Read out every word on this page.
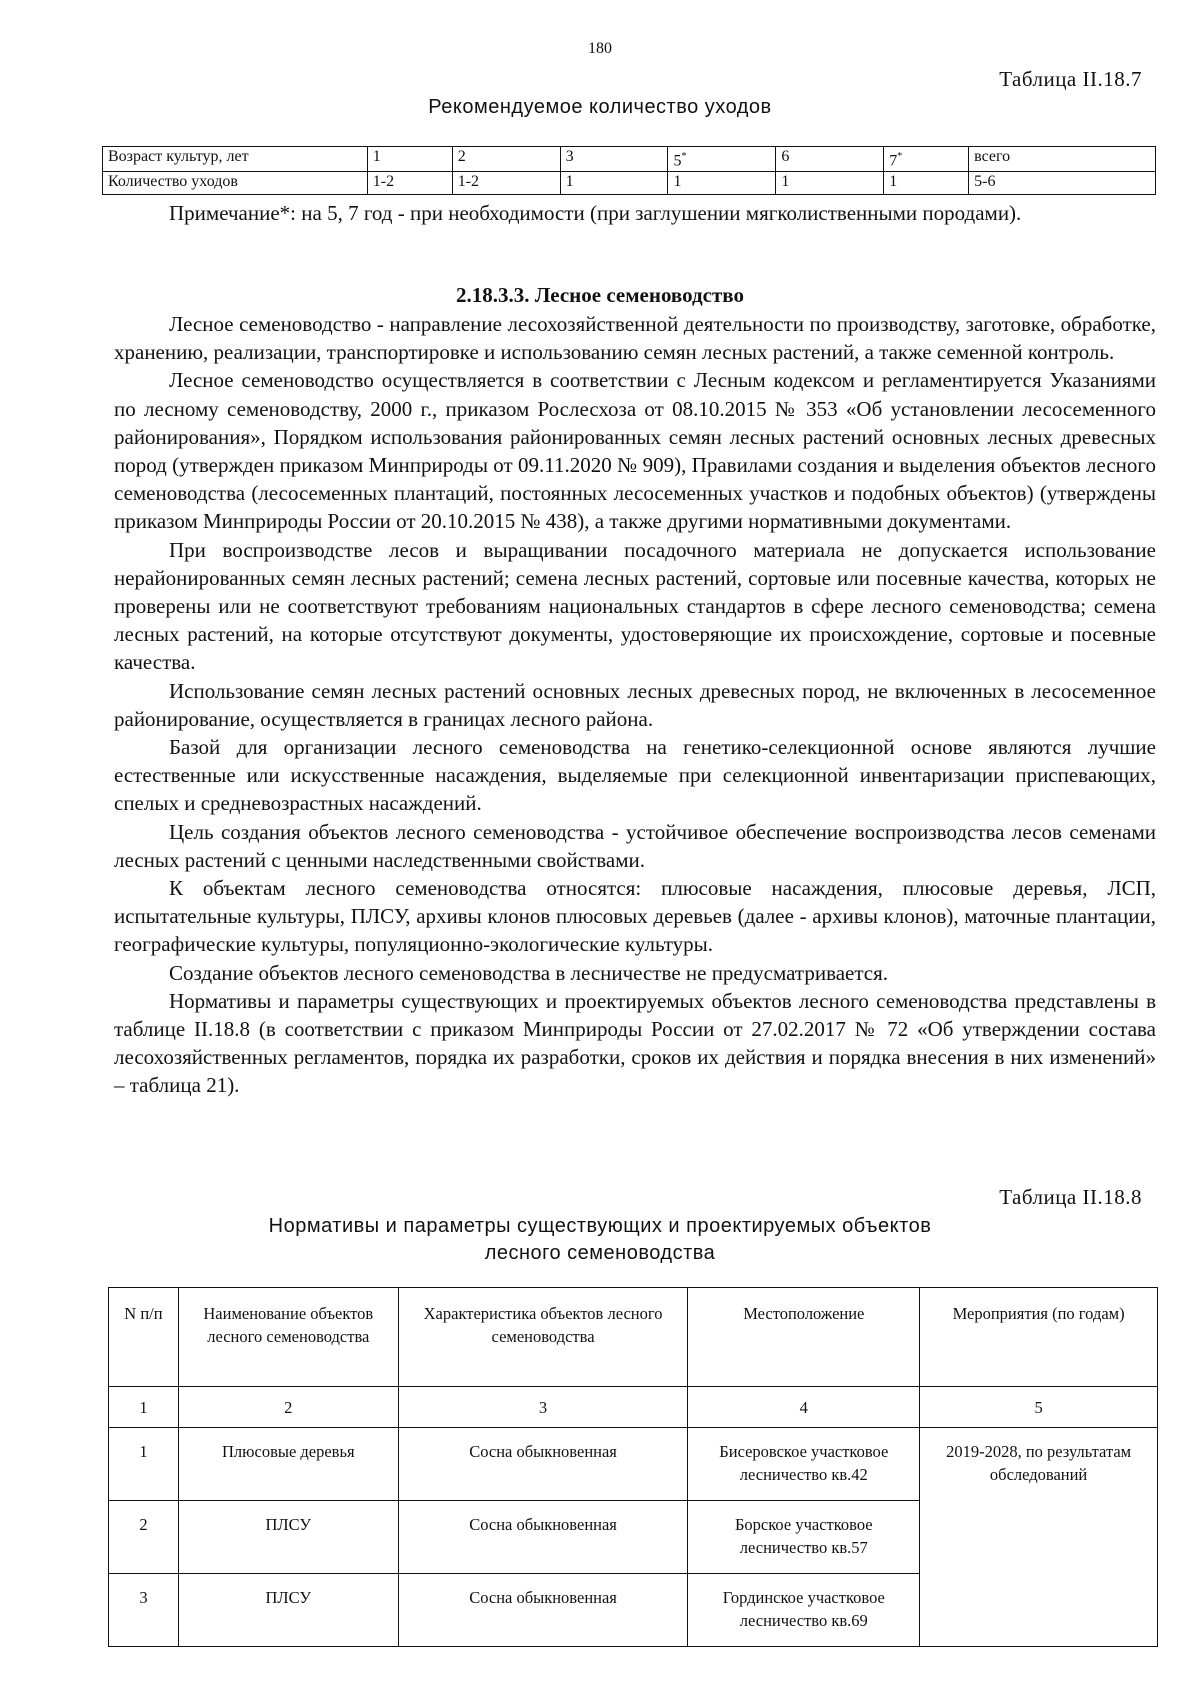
180
Таблица II.18.7
Рекомендуемое количество уходов
Возраст культур, лет	1	2	3	5*	6	7*	всего
Количество уходов	1-2	1-2	1	1	1	1	5-6

Примечание*: на 5, 7 год - при необходимости (при заглушении мягколиственными породами).

2.18.3.3. Лесное семеноводство

Лесное семеноводство - направление лесохозяйственной деятельности по производству, заготовке, обработке, хранению, реализации, транспортировке и использованию семян лесных растений, а также семенной контроль.

Лесное семеноводство осуществляется в соответствии с Лесным кодексом и регламентируется Указаниями по лесному семеноводству, 2000 г., приказом Рослесхоза от 08.10.2015 № 353 «Об установлении лесосеменного районирования», Порядком использования районированных семян лесных растений основных лесных древесных пород (утвержден приказом Минприроды от 09.11.2020 № 909), Правилами создания и выделения объектов лесного семеноводства (лесосеменных плантаций, постоянных лесосеменных участков и подобных объектов) (утверждены приказом Минприроды России от 20.10.2015 № 438), а также другими нормативными документами.

При воспроизводстве лесов и выращивании посадочного материала не допускается использование нерайонированных семян лесных растений; семена лесных растений, сортовые или посевные качества, которых не проверены или не соответствуют требованиям национальных стандартов в сфере лесного семеноводства; семена лесных растений, на которые отсутствуют документы, удостоверяющие их происхождение, сортовые и посевные качества.

Использование семян лесных растений основных лесных древесных пород, не включенных в лесосеменное районирование, осуществляется в границах лесного района.

Базой для организации лесного семеноводства на генетико-селекционной основе являются лучшие естественные или искусственные насаждения, выделяемые при селекционной инвентаризации приспевающих, спелых и средневозрастных насаждений.

Цель создания объектов лесного семеноводства - устойчивое обеспечение воспроизводства лесов семенами лесных растений с ценными наследственными свойствами.

К объектам лесного семеноводства относятся: плюсовые насаждения, плюсовые деревья, ЛСП, испытательные культуры, ПЛСУ, архивы клонов плюсовых деревьев (далее - архивы клонов), маточные плантации, географические культуры, популяционно-экологические культуры.

Создание объектов лесного семеноводства в лесничестве не предусматривается.

Нормативы и параметры существующих и проектируемых объектов лесного семеноводства представлены в таблице II.18.8 (в соответствии с приказом Минприроды России от 27.02.2017 № 72 «Об утверждении состава лесохозяйственных регламентов, порядка их разработки, сроков их действия и порядка внесения в них изменений» – таблица 21).

Таблица II.18.8
Нормативы и параметры существующих и проектируемых объектов
лесного семеноводства
N п/п	Наименование объектов лесного семеноводства	Характеристика объектов лесного семеноводства	Местоположение	Мероприятия (по годам)
1	2	3	4	5
1	Плюсовые деревья	Сосна обыкновенная	Бисеровское участковое лесничество кв.42	2019-2028, по результатам обследований
2	ПЛСУ	Сосна обыкновенная	Борское участковое лесничество кв.57	
3	ПЛСУ	Сосна обыкновенная	Гординское участковое лесничество кв.69	
